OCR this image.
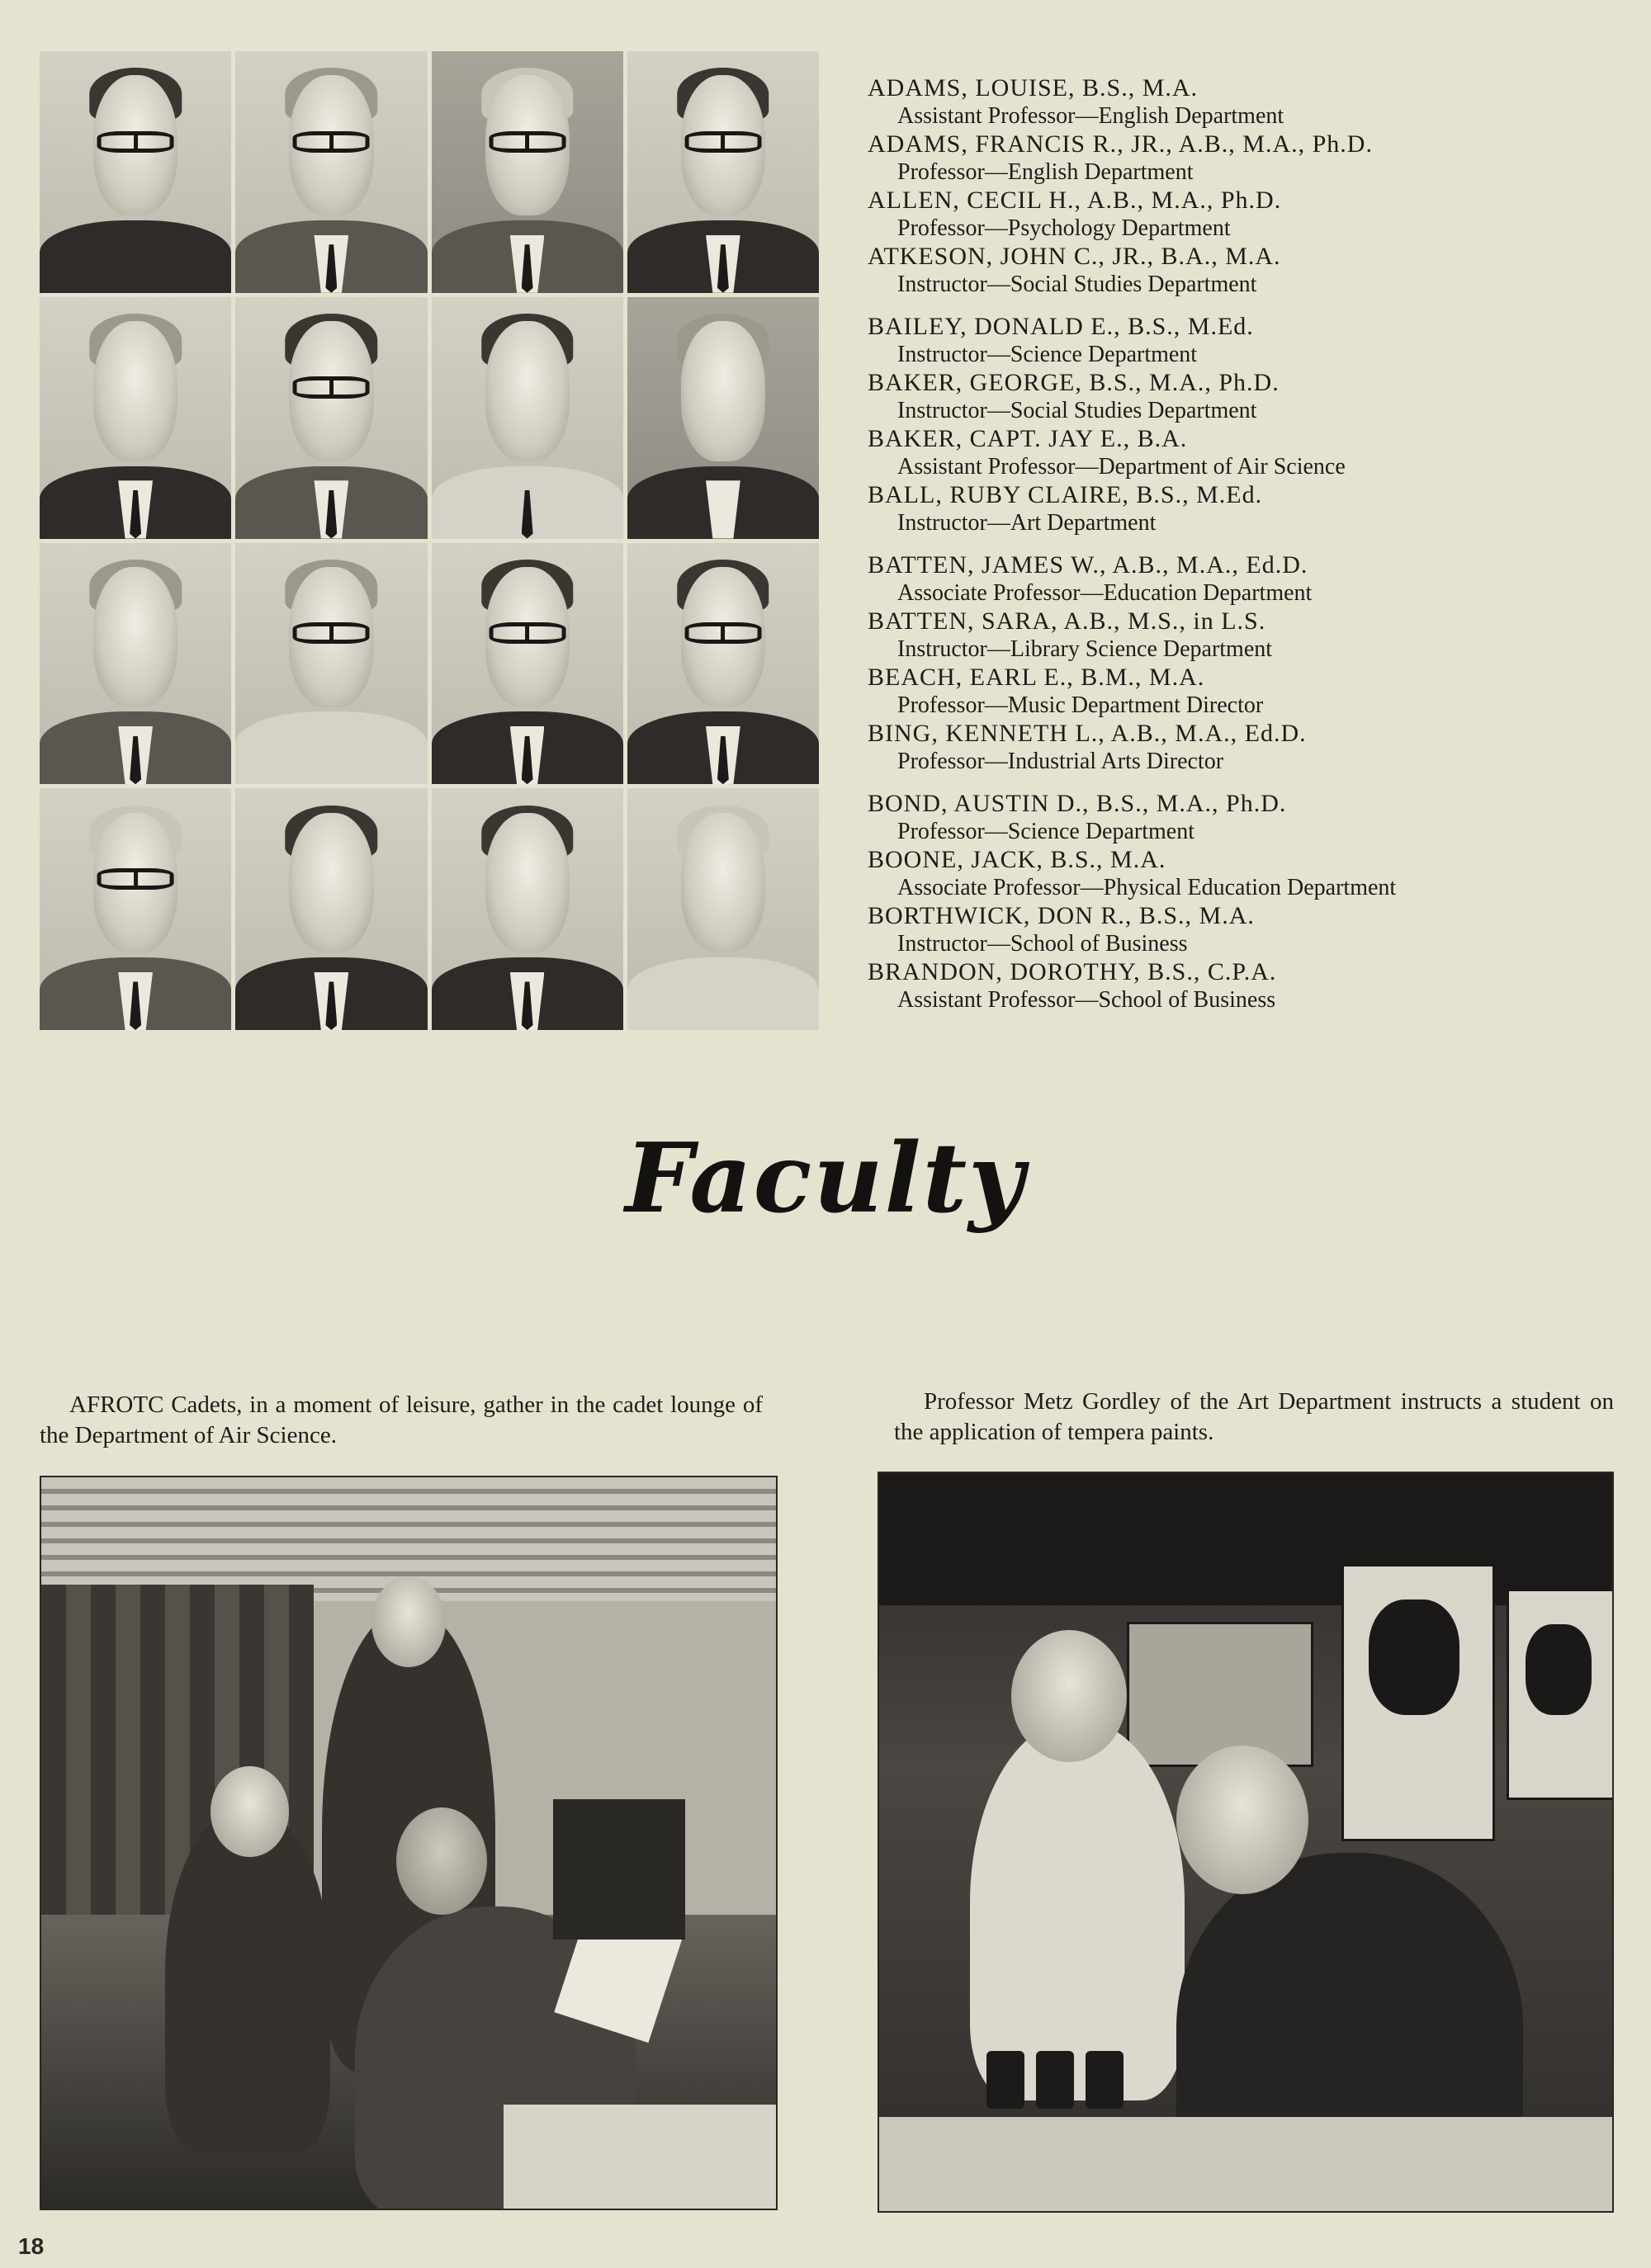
ADAMS, LOUISE, B.S., M.A.

Assistant Professor—English Department

ADAMS, FRANCIS R., JR., A.B., M.A., Ph.D.

Professor—English Department

ALLEN, CECIL H., A.B., M.A., Ph.D.

Professor—Psychology Department

ATKESON, JOHN C., JR., B.A., M.A.

Instructor—Social Studies Department

BAILEY, DONALD E., B.S., M.Ed.

Instructor—Science Department

BAKER, GEORGE, B.S., M.A., Ph.D.

Instructor—Social Studies Department

BAKER, CAPT. JAY E., B.A.

Assistant Professor—Department of Air Science

BALL, RUBY CLAIRE, B.S., M.Ed.

Instructor—Art Department

BATTEN, JAMES W., A.B., M.A., Ed.D.

Associate Professor—Education Department

BATTEN, SARA, A.B., M.S., in L.S.

Instructor—Library Science Department

BEACH, EARL E., B.M., M.A.

Professor—Music Department Director

BING, KENNETH L., A.B., M.A., Ed.D.

Professor—Industrial Arts Director

BOND, AUSTIN D., B.S., M.A., Ph.D.

Professor—Science Department

BOONE, JACK, B.S., M.A.

Associate Professor—Physical Education Department

BORTHWICK, DON R., B.S., M.A.

Instructor—School of Business

BRANDON, DOROTHY, B.S., C.P.A.

Assistant Professor—School of Business

Faculty

AFROTC Cadets, in a moment of leisure, gather in the cadet lounge of the Department of Air Science.

Professor Metz Gordley of the Art Department instructs a student on the application of tempera paints.

18
